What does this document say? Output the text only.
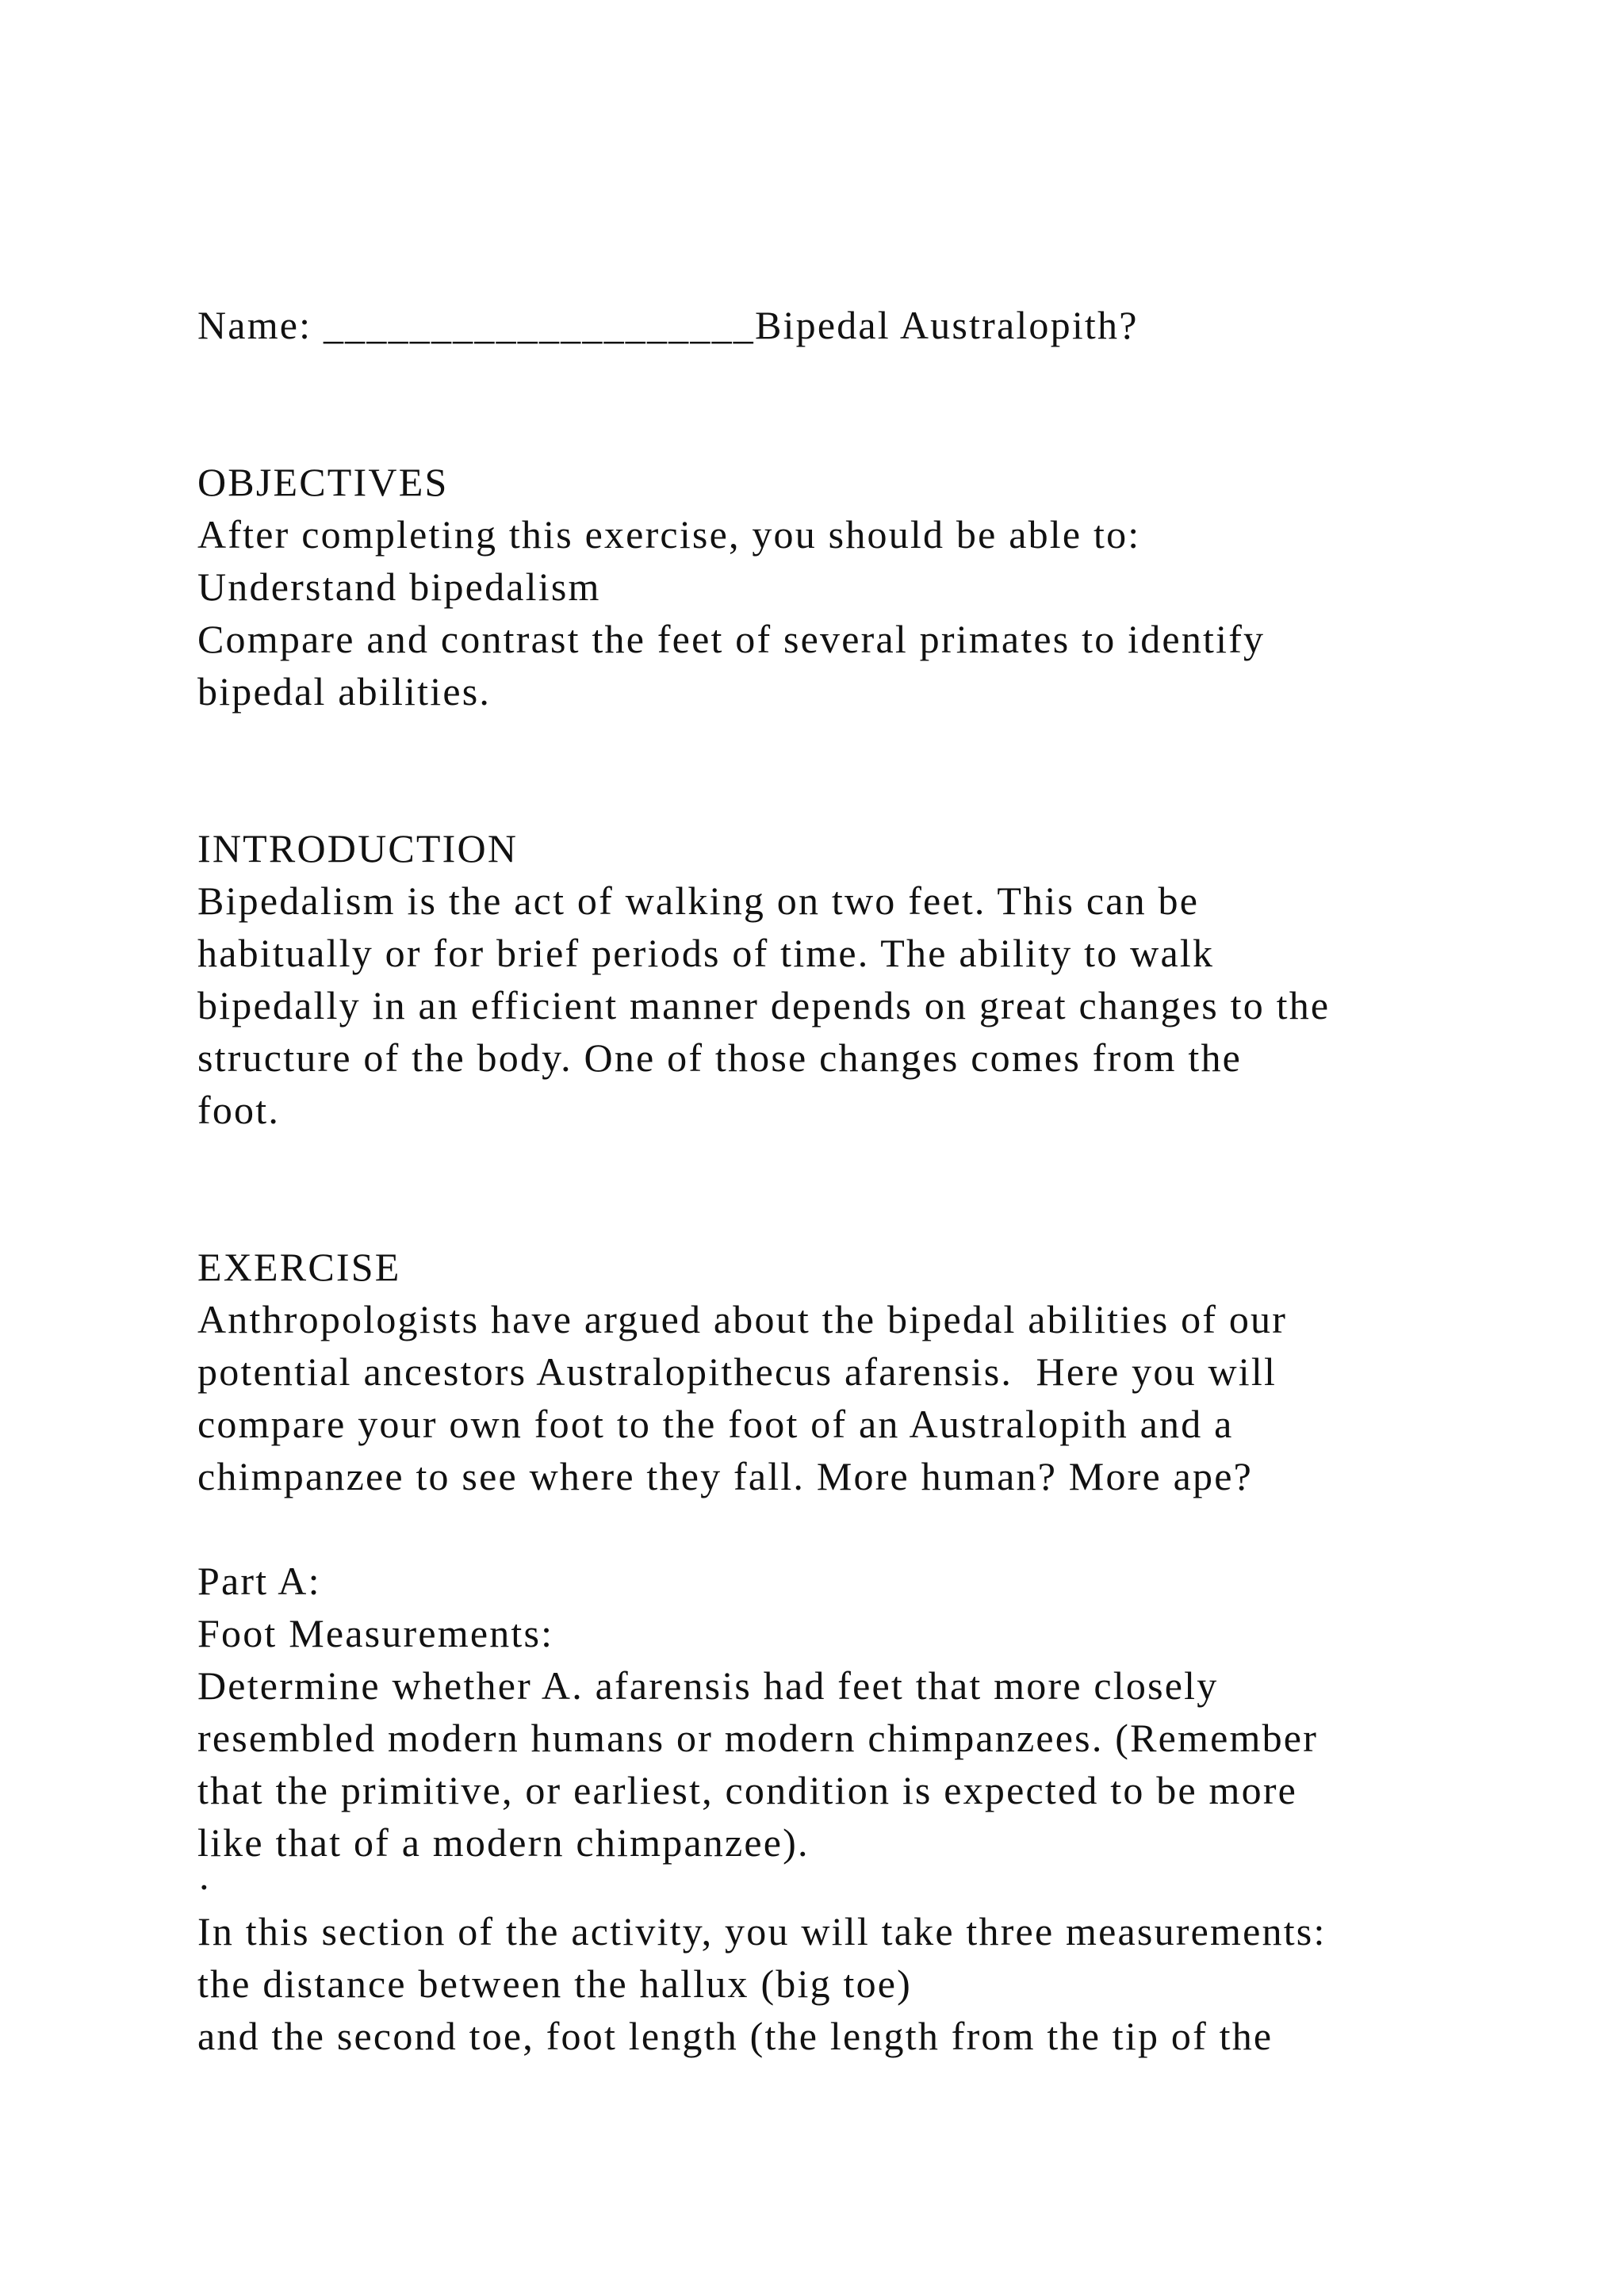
Name: ____________________Bipedal Australopith?
OBJECTIVES
After completing this exercise, you should be able to:
Understand bipedalism
Compare and contrast the feet of several primates to identify
bipedal abilities.
INTRODUCTION
Bipedalism is the act of walking on two feet. This can be
habitually or for brief periods of time. The ability to walk
bipedally in an efficient manner depends on great changes to the
structure of the body. One of those changes comes from the
foot.
EXERCISE
Anthropologists have argued about the bipedal abilities of our
potential ancestors Australopithecus afarensis.  Here you will
compare your own foot to the foot of an Australopith and a
chimpanzee to see where they fall. More human? More ape?
Part A:
Foot Measurements:
Determine whether A. afarensis had feet that more closely
resembled modern humans or modern chimpanzees. (Remember
that the primitive, or earliest, condition is expected to be more
like that of a modern chimpanzee).
·
In this section of the activity, you will take three measurements:
the distance between the hallux (big toe)
and the second toe, foot length (the length from the tip of the
